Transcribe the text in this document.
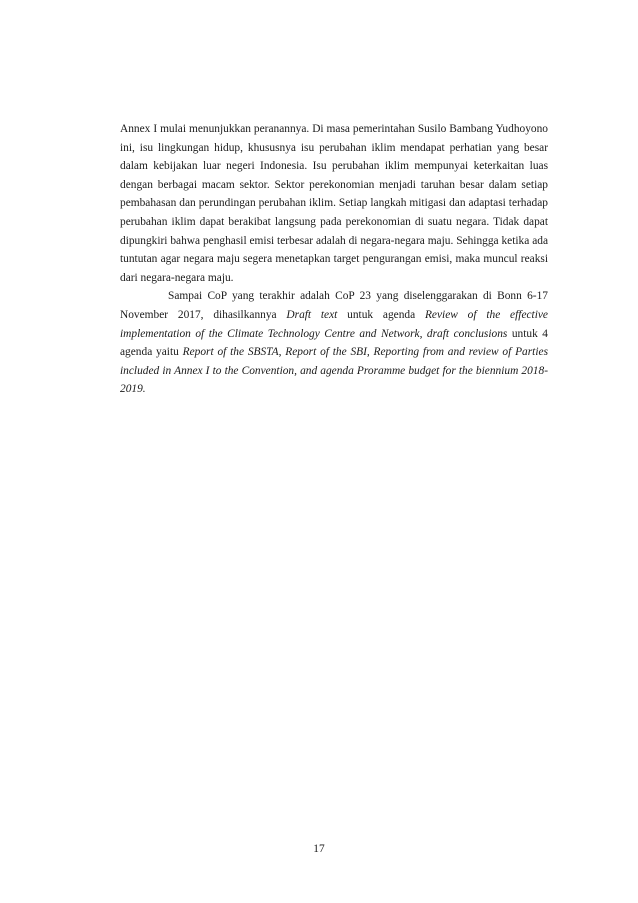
Annex I mulai menunjukkan peranannya. Di masa pemerintahan Susilo Bambang Yudhoyono ini, isu lingkungan hidup, khususnya isu perubahan iklim mendapat perhatian yang besar dalam kebijakan luar negeri Indonesia. Isu perubahan iklim mempunyai keterkaitan luas dengan berbagai macam sektor. Sektor perekonomian menjadi taruhan besar dalam setiap pembahasan dan perundingan perubahan iklim. Setiap langkah mitigasi dan adaptasi terhadap perubahan iklim dapat berakibat langsung pada perekonomian di suatu negara. Tidak dapat dipungkiri bahwa penghasil emisi terbesar adalah di negara-negara maju. Sehingga ketika ada tuntutan agar negara maju segera menetapkan target pengurangan emisi, maka muncul reaksi dari negara-negara maju.

Sampai CoP yang terakhir adalah CoP 23 yang diselenggarakan di Bonn 6-17 November 2017, dihasilkannya Draft text untuk agenda Review of the effective implementation of the Climate Technology Centre and Network, draft conclusions untuk 4 agenda yaitu Report of the SBSTA, Report of the SBI, Reporting from and review of Parties included in Annex I to the Convention, and agenda Proramme budget for the biennium 2018-2019.

17
